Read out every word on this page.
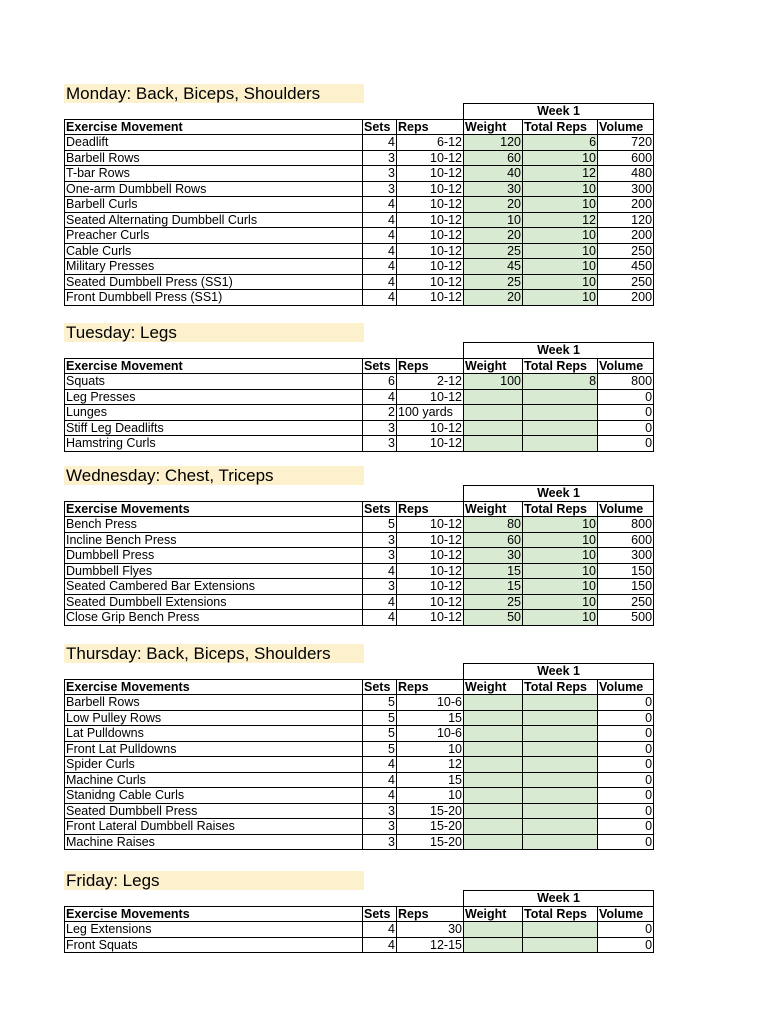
Monday: Back, Biceps, Shoulders
			Week 1		
Exercise Movement	Sets	Reps	Weight	Total Reps	Volume
Deadlift	4	6-12	120	6	720
Barbell Rows	3	10-12	60	10	600
T-bar Rows	3	10-12	40	12	480
One-arm Dumbbell Rows	3	10-12	30	10	300
Barbell Curls	4	10-12	20	10	200
Seated Alternating Dumbbell Curls	4	10-12	10	12	120
Preacher Curls	4	10-12	20	10	200
Cable Curls	4	10-12	25	10	250
Military Presses	4	10-12	45	10	450
Seated Dumbbell Press (SS1)	4	10-12	25	10	250
Front Dumbbell Press (SS1)	4	10-12	20	10	200
Tuesday: Legs
			Week 1		
Exercise Movement	Sets	Reps	Weight	Total Reps	Volume
Squats	6	2-12	100	8	800
Leg Presses	4	10-12			0
Lunges	2	100 yards			0
Stiff Leg Deadlifts	3	10-12			0
Hamstring Curls	3	10-12			0
Wednesday: Chest, Triceps
			Week 1		
Exercise Movements	Sets	Reps	Weight	Total Reps	Volume
Bench Press	5	10-12	80	10	800
Incline Bench Press	3	10-12	60	10	600
Dumbbell Press	3	10-12	30	10	300
Dumbbell Flyes	4	10-12	15	10	150
Seated Cambered Bar Extensions	3	10-12	15	10	150
Seated Dumbbell Extensions	4	10-12	25	10	250
Close Grip Bench Press	4	10-12	50	10	500
Thursday: Back, Biceps, Shoulders
			Week 1		
Exercise Movements	Sets	Reps	Weight	Total Reps	Volume
Barbell Rows	5	10-6			0
Low Pulley Rows	5	15			0
Lat Pulldowns	5	10-6			0
Front Lat Pulldowns	5	10			0
Spider Curls	4	12			0
Machine Curls	4	15			0
Stanidng Cable Curls	4	10			0
Seated Dumbbell Press	3	15-20			0
Front Lateral Dumbbell Raises	3	15-20			0
Machine Raises	3	15-20			0
Friday: Legs
			Week 1		
Exercise Movements	Sets	Reps	Weight	Total Reps	Volume
Leg Extensions	4	30			0
Front Squats	4	12-15			0
